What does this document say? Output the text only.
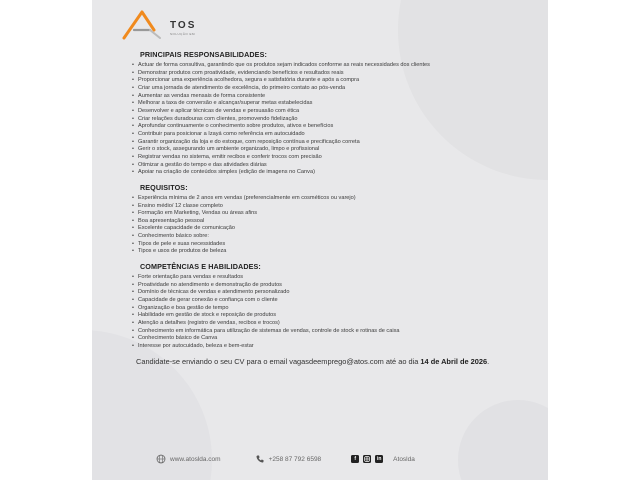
TOS
SOLUÇÃO EM
PRINCIPAIS RESPONSABILIDADES:
• Actuar de forma consultiva, garantindo que os produtos sejam indicados conforme as reais necessidades dos clientes
• Demonstrar produtos com proatividade, evidenciando benefícios e resultados reais
• Proporcionar uma experiência acolhedora, segura e satisfatória durante e após a compra
• Criar uma jornada de atendimento de excelência, do primeiro contato ao pós-venda
• Aumentar as vendas mensais de forma consistente
• Melhorar a taxa de conversão e alcançar/superar metas estabelecidas
• Desenvolver e aplicar técnicas de vendas e persuasão com ética
• Criar relações duradouras com clientes, promovendo fidelização
• Aprofundar continuamente o conhecimento sobre produtos, ativos e benefícios
• Contribuir para posicionar a Izayá como referência em autocuidado
• Garantir organização da loja e do estoque, com reposição contínua e precificação correta
• Gerir o stock, assegurando um ambiente organizado, limpo e profissional
• Registrar vendas no sistema, emitir recibos e conferir trocos com precisão
• Otimizar a gestão do tempo e das atividades diárias
• Apoiar na criação de conteúdos simples (edição de imagens no Canva)
REQUISITOS:
• Experiência mínima de 2 anos em vendas (preferencialmente em cosméticos ou varejo)
• Ensino médio/ 12 classe completo
• Formação em Marketing, Vendas ou áreas afins
• Boa apresentação pessoal
• Excelente capacidade de comunicação
• Conhecimento básico sobre:
• Tipos de pele e suas necessidades
• Tipos e usos de produtos de beleza
COMPETÊNCIAS E HABILIDADES:
• Forte orientação para vendas e resultados
• Proatividade no atendimento e demonstração de produtos
• Domínio de técnicas de vendas e atendimento personalizado
• Capacidade de gerar conexão e confiança com o cliente
• Organização e boa gestão de tempo
• Habilidade em gestão de stock e reposição de produtos
• Atenção a detalhes (registro de vendas, recibos e trocos)
• Conhecimento em informática para utilização de sistemas de vendas, controle de stock e rotinas de caixa
• Conhecimento básico de Canva
• Interesse por autocuidado, beleza e bem-estar
Candidate-se enviando o seu CV para o email vagasdeemprego@atos.com até ao dia 14 de Abril de 2026.
www.atoslda.com	+258 87 792 6598	f	in Atoslda
